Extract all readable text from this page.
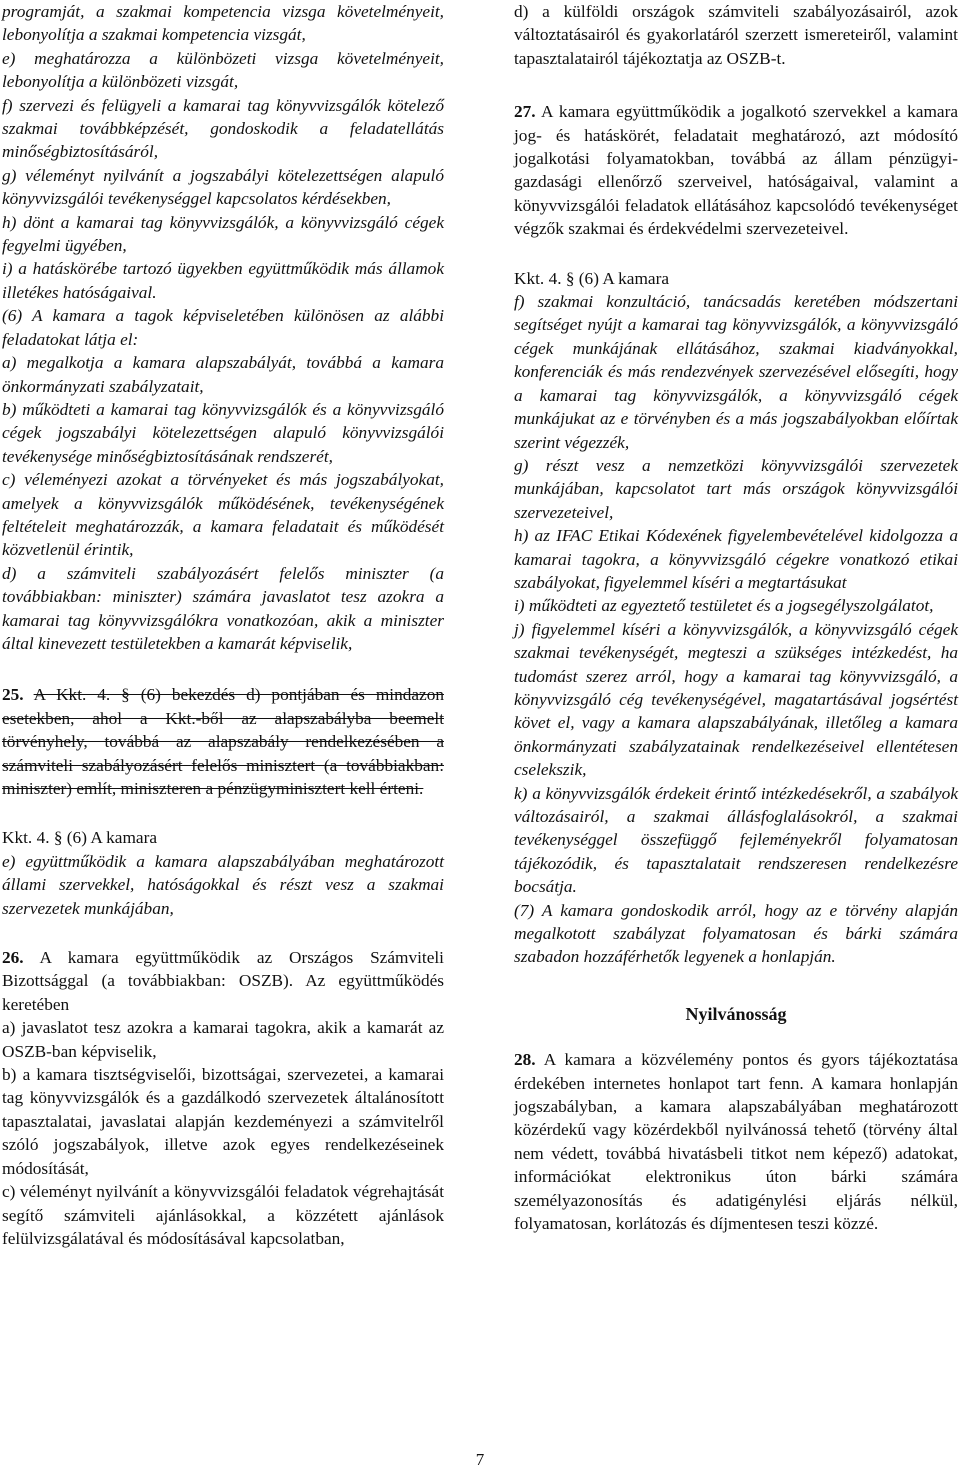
programját, a szakmai kompetencia vizsga követelményeit, lebonyolítja a szakmai kompetencia vizsgát,

e) meghatározza a különbözeti vizsga követelményeit, lebonyolítja a különbözeti vizsgát,

f) szervezi és felügyeli a kamarai tag könyvvizsgálók kötelező szakmai továbbképzését, gondoskodik a feladatellátás minőségbiztosításáról,

g) véleményt nyilvánít a jogszabályi kötelezettségen alapuló könyvvizsgálói tevékenységgel kapcsolatos kérdésekben,

h) dönt a kamarai tag könyvvizsgálók, a könyvvizsgáló cégek fegyelmi ügyében,

i) a hatáskörébe tartozó ügyekben együttműködik más államok illetékes hatóságaival.

(6) A kamara a tagok képviseletében különösen az alábbi feladatokat látja el:

a) megalkotja a kamara alapszabályát, továbbá a kamara önkormányzati szabályzatait,

b) működteti a kamarai tag könyvvizsgálók és a könyvvizsgáló cégek jogszabályi kötelezettségen alapuló könyvvizsgálói tevékenysége minőségbiztosításának rendszerét,

c) véleményezi azokat a törvényeket és más jogszabályokat, amelyek a könyvvizsgálók működésének, tevékenységének feltételeit meghatározzák, a kamara feladatait és működését közvetlenül érintik,

d) a számviteli szabályozásért felelős miniszter (a továbbiakban: miniszter) számára javaslatot tesz azokra a kamarai tag könyvvizsgálókra vonatkozóan, akik a miniszter által kinevezett testületekben a kamarát képviselik,

25. A Kkt. 4. § (6) bekezdés d) pontjában és mindazon esetekben, ahol a Kkt.-ből az alapszabályba beemelt törvényhely, továbbá az alapszabály rendelkezésében a számviteli szabályozásért felelős minisztert (a továbbiakban: miniszter) említ, miniszteren a pénzügyminisztert kell érteni.

Kkt. 4. § (6) A kamara

e) együttműködik a kamara alapszabályában meghatározott állami szervekkel, hatóságokkal és részt vesz a szakmai szervezetek munkájában,

26. A kamara együttműködik az Országos Számviteli Bizottsággal (a továbbiakban: OSZB). Az együttműködés keretében

a) javaslatot tesz azokra a kamarai tagokra, akik a kamarát az OSZB-ban képviselik,

b) a kamara tisztségviselői, bizottságai, szervezetei, a kamarai tag könyvvizsgálók és a gazdálkodó szervezetek általánosított tapasztalatai, javaslatai alapján kezdeményezi a számvitelről szóló jogszabályok, illetve azok egyes rendelkezéseinek módosítását,

c) véleményt nyilvánít a könyvvizsgálói feladatok végrehajtását segítő számviteli ajánlásokkal, a közzétett ajánlások felülvizsgálatával és módosításával kapcsolatban,

d) a külföldi országok számviteli szabályozásairól, azok változtatásairól és gyakorlatáról szerzett ismereteiről, valamint tapasztalatairól tájékoztatja az OSZB-t.

27. A kamara együttműködik a jogalkotó szervekkel a kamara jog- és hatáskörét, feladatait meghatározó, azt módosító jogalkotási folyamatokban, továbbá az állam pénzügyi-gazdasági ellenőrző szerveivel, hatóságaival, valamint a könyvvizsgálói feladatok ellátásához kapcsolódó tevékenységet végzők szakmai és érdekvédelmi szervezeteivel.

Kkt. 4. § (6) A kamara

f) szakmai konzultáció, tanácsadás keretében módszertani segítséget nyújt a kamarai tag könyvvizsgálók, a könyvvizsgáló cégek munkájának ellátásához, szakmai kiadványokkal, konferenciák és más rendezvények szervezésével elősegíti, hogy a kamarai tag könyvvizsgálók, a könyvvizsgáló cégek munkájukat az e törvényben és a más jogszabályokban előírtak szerint végezzék,

g) részt vesz a nemzetközi könyvvizsgálói szervezetek munkájában, kapcsolatot tart más országok könyvvizsgálói szervezeteivel,

h) az IFAC Etikai Kódexének figyelembevételével kidolgozza a kamarai tagokra, a könyvvizsgáló cégekre vonatkozó etikai szabályokat, figyelemmel kíséri a megtartásukat

i) működteti az egyeztető testületet és a jogsegélyszolgálatot,

j) figyelemmel kíséri a könyvvizsgálók, a könyvvizsgáló cégek szakmai tevékenységét, megteszi a szükséges intézkedést, ha tudomást szerez arról, hogy a kamarai tag könyvvizsgáló, a könyvvizsgáló cég tevékenységével, magatartásával jogsértést követ el, vagy a kamara alapszabályának, illetőleg a kamara önkormányzati szabályzatainak rendelkezéseivel ellentétesen cselekszik,

k) a könyvvizsgálók érdekeit érintő intézkedésekről, a szabályok változásairól, a szakmai állásfoglalásokról, a szakmai tevékenységgel összefüggő fejleményekről folyamatosan tájékozódik, és tapasztalatait rendszeresen rendelkezésre bocsátja.

(7) A kamara gondoskodik arról, hogy az e törvény alapján megalkotott szabályzat folyamatosan és bárki számára szabadon hozzáférhetők legyenek a honlapján.

Nyilvánosság

28. A kamara a közvélemény pontos és gyors tájékoztatása érdekében internetes honlapot tart fenn. A kamara honlapján jogszabályban, a kamara alapszabályában meghatározott közérdekű vagy közérdekből nyilvánossá tehető (törvény által nem védett, továbbá hivatásbeli titkot nem képező) adatokat, információkat elektronikus úton bárki számára személyazonosítás és adatigénylési eljárás nélkül, folyamatosan, korlátozás és díjmentesen teszi közzé.

7
